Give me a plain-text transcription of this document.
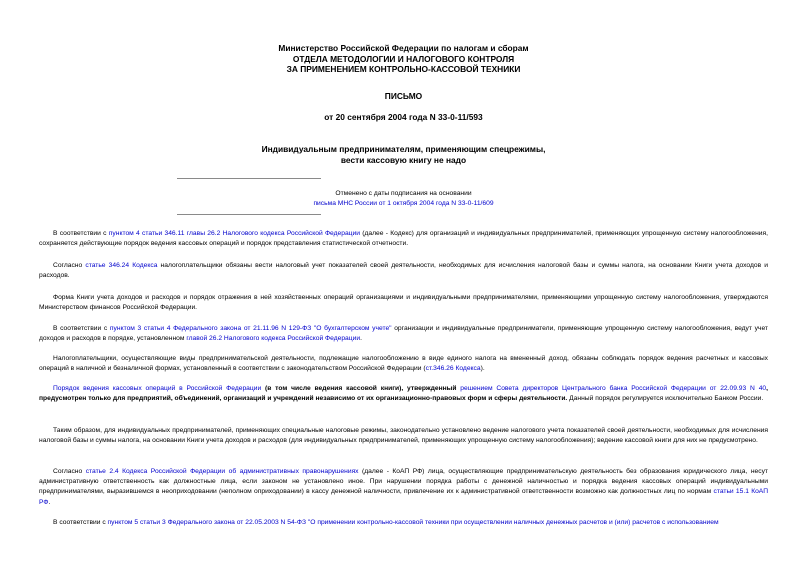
Министерство Российской Федерации по налогам и сборам
ОТДЕЛА МЕТОДОЛОГИИ И НАЛОГОВОГО КОНТРОЛЯ
ЗА ПРИМЕНЕНИЕМ КОНТРОЛЬНО-КАССОВОЙ ТЕХНИКИ
ПИСЬМО
от 20 сентября 2004 года N 33-0-11/593
Индивидуальным предпринимателям, применяющим спецрежимы,
вести кассовую книгу не надо
Отменено с даты подписания на основании
письма МНС России от 1 октября 2004 года N 33-0-11/609
В соответствии с пунктом 4 статьи 346.11 главы 26.2 Налогового кодекса Российской Федерации (далее - Кодекс) для организаций и индивидуальных предпринимателей, применяющих упрощенную систему налогообложения, сохраняется действующие порядок ведения кассовых операций и порядок представления статистической отчетности.
Согласно статье 346.24 Кодекса налогоплательщики обязаны вести налоговый учет показателей своей деятельности, необходимых для исчисления налоговой базы и суммы налога, на основании Книги учета доходов и расходов.
Форма Книги учета доходов и расходов и порядок отражения в ней хозяйственных операций организациями и индивидуальными предпринимателями, применяющими упрощенную систему налогообложения, утверждаются Министерством финансов Российской Федерации.
В соответствии с пунктом 3 статьи 4 Федерального закона от 21.11.96 N 129-ФЗ "О бухгалтерском учете" организации и индивидуальные предприниматели, применяющие упрощенную систему налогообложения, ведут учет доходов и расходов в порядке, установленном главой 26.2 Налогового кодекса Российской Федерации.
Налогоплательщики, осуществляющие виды предпринимательской деятельности, подлежащие налогообложению в виде единого налога на вмененный доход, обязаны соблюдать порядок ведения расчетных и кассовых операций в наличной и безналичной формах, установленный в соответствии с законодательством Российской Федерации (ст.346.26 Кодекса).
Порядок ведения кассовых операций в Российской Федерации (в том числе ведения кассовой книги), утвержденный решением Совета директоров Центрального банка Российской Федерации от 22.09.93 N 40, предусмотрен только для предприятий, объединений, организаций и учреждений независимо от их организационно-правовых форм и сферы деятельности. Данный порядок регулируется исключительно Банком России.
Таким образом, для индивидуальных предпринимателей, применяющих специальные налоговые режимы, законодательно установлено ведение налогового учета показателей своей деятельности, необходимых для исчисления налоговой базы и суммы налога, на основании Книги учета доходов и расходов (для индивидуальных предпринимателей, применяющих упрощенную систему налогообложения); ведение кассовой книги для них не предусмотрено.
Согласно статье 2.4 Кодекса Российской Федерации об административных правонарушениях (далее - КоАП РФ) лица, осуществляющие предпринимательскую деятельность без образования юридического лица, несут административную ответственность как должностные лица, если законом не установлено иное. При нарушении порядка работы с денежной наличностью и порядка ведения кассовых операций индивидуальными предпринимателями, выразившемся в неоприходовании (неполном оприходовании) в кассу денежной наличности, привлечение их к административной ответственности возможно как должностных лиц по нормам статьи 15.1 КоАП РФ.
В соответствии с пунктом 5 статьи 3 Федерального закона от 22.05.2003 N 54-ФЗ "О применении контрольно-кассовой техники при осуществлении наличных денежных расчетов и (или) расчетов с использованием
